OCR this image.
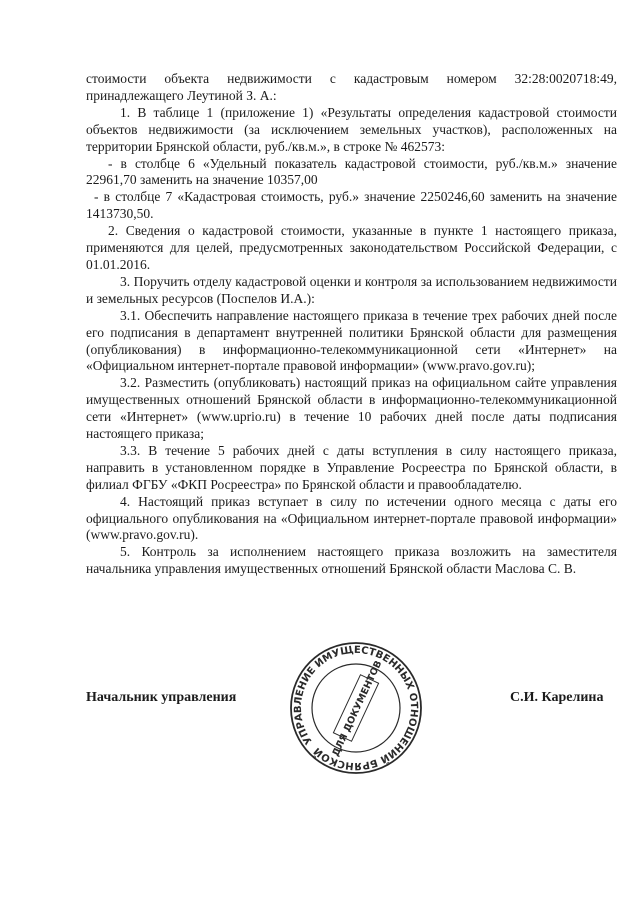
стоимости объекта недвижимости с кадастровым номером 32:28:0020718:49, принадлежащего Леутиной З. А.:

1. В таблице 1 (приложение 1) «Результаты определения кадастровой стоимости объектов недвижимости (за исключением земельных участков), расположенных на территории Брянской области, руб./кв.м.», в строке № 462573:

- в столбце 6 «Удельный показатель кадастровой стоимости, руб./кв.м.» значение 22961,70 заменить на значение 10357,00

- в столбце 7 «Кадастровая стоимость, руб.» значение 2250246,60 заменить на значение 1413730,50.

2. Сведения о кадастровой стоимости, указанные в пункте 1 настоящего приказа, применяются для целей, предусмотренных законодательством Российской Федерации, с 01.01.2016.

3. Поручить отделу кадастровой оценки и контроля за использованием недвижимости и земельных ресурсов (Поспелов И.А.):

3.1. Обеспечить направление настоящего приказа в течение трех рабочих дней после его подписания в департамент внутренней политики Брянской области для размещения (опубликования) в информационно-телекоммуникационной сети «Интернет» на «Официальном интернет-портале правовой информации» (www.pravo.gov.ru);

3.2. Разместить (опубликовать) настоящий приказ на официальном сайте управления имущественных отношений Брянской области в информационно-телекоммуникационной сети «Интернет» (www.uprio.ru) в течение 10 рабочих дней после даты подписания настоящего приказа;

3.3. В течение 5 рабочих дней с даты вступления в силу настоящего приказа, направить в установленном порядке в Управление Росреестра по Брянской области, в филиал ФГБУ «ФКП Росреестра» по Брянской области и правообладателю.

4. Настоящий приказ вступает в силу по истечении одного месяца с даты его официального опубликования на «Официальном интернет-портале правовой информации» (www.pravo.gov.ru).

5. Контроль за исполнением настоящего приказа возложить на заместителя начальника управления имущественных отношений Брянской области Маслова С. В.

Начальник управления	С.И. Карелина
УПРАВЛЕНИЕ ИМУЩЕСТВЕННЫХ ОТНОШЕНИЙ БРЯНСКОЙ ДЛЯ ДОКУМЕНТОВ
